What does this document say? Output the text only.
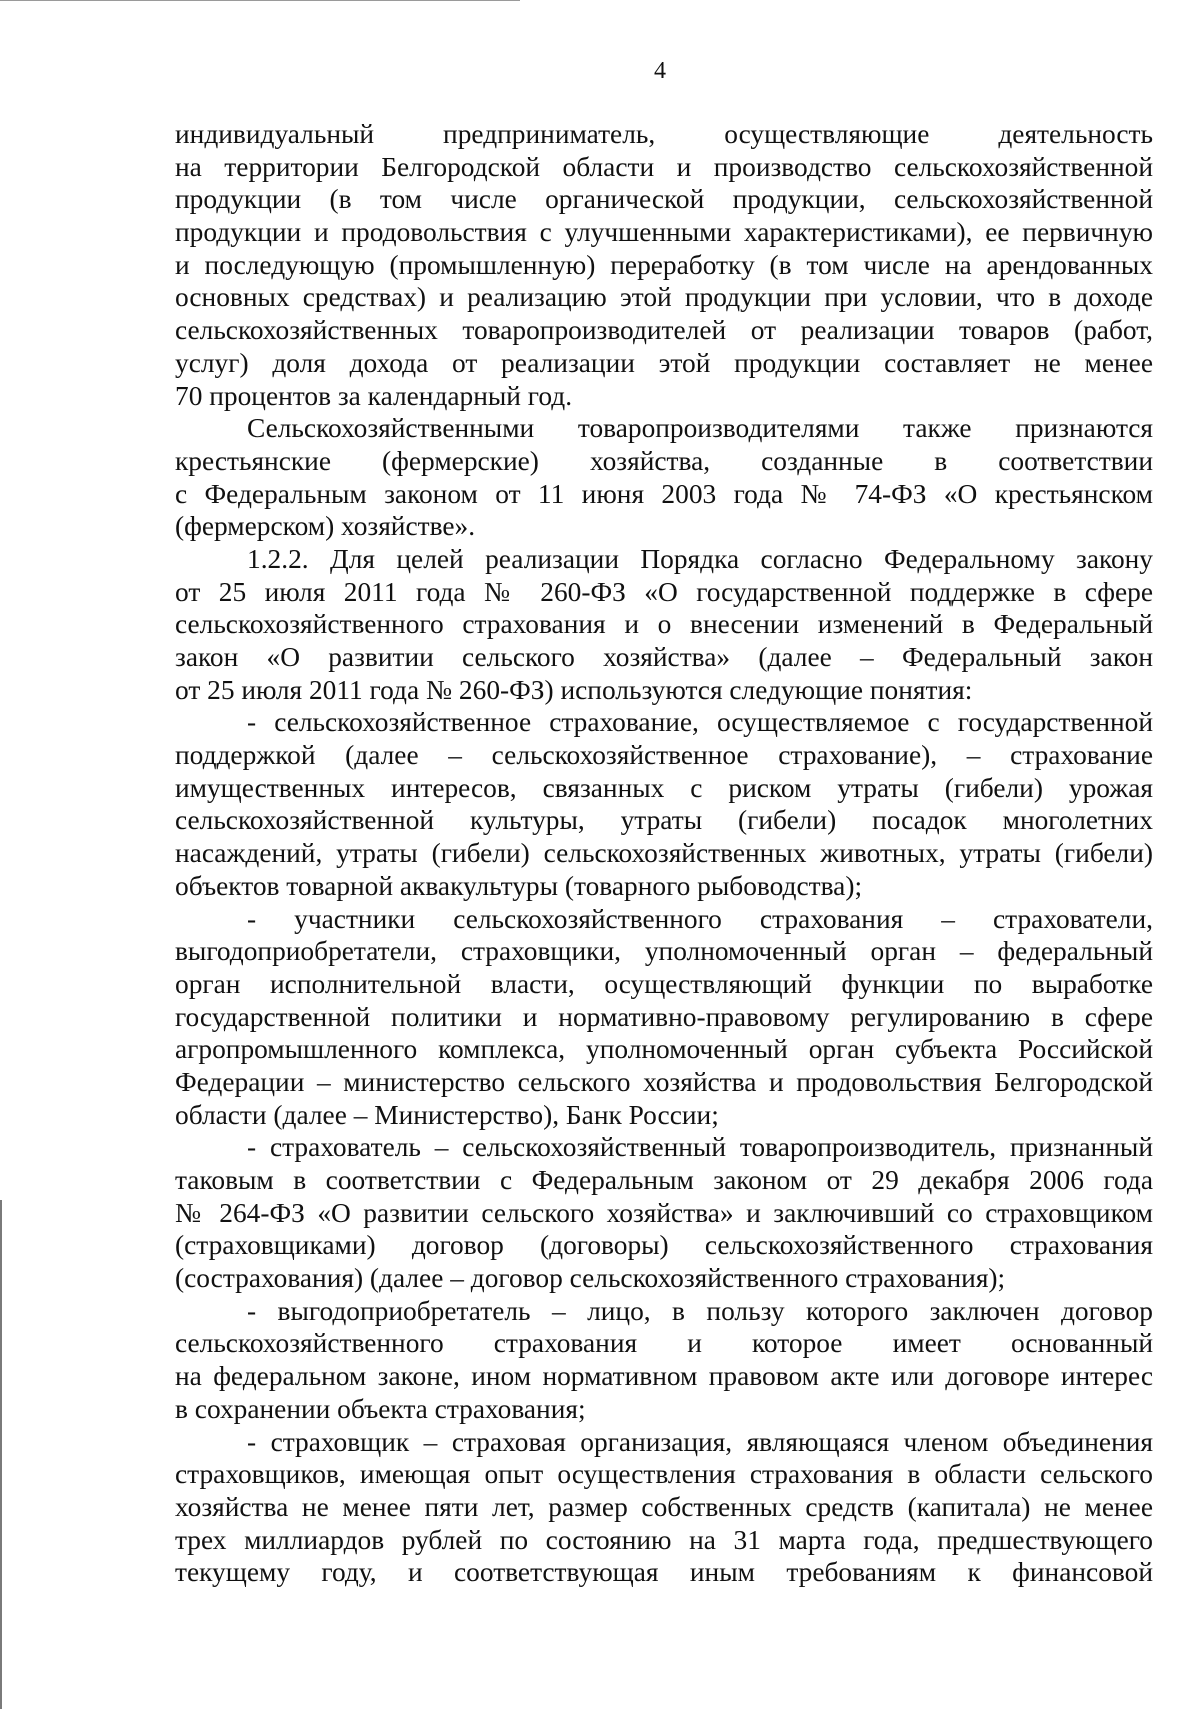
4
индивидуальный предприниматель, осуществляющие деятельность
на территории Белгородской области и производство сельскохозяйственной
продукции (в том числе органической продукции, сельскохозяйственной
продукции и продовольствия с улучшенными характеристиками), ее первичную
и последующую (промышленную) переработку (в том числе на арендованных
основных средствах) и реализацию этой продукции при условии, что в доходе
сельскохозяйственных товаропроизводителей от реализации товаров (работ,
услуг) доля дохода от реализации этой продукции составляет не менее
70 процентов за календарный год.
Сельскохозяйственными товаропроизводителями также признаются
крестьянские (фермерские) хозяйства, созданные в соответствии
с Федеральным законом от 11 июня 2003 года № 74-ФЗ «О крестьянском
(фермерском) хозяйстве».
1.2.2. Для целей реализации Порядка согласно Федеральному закону
от 25 июля 2011 года № 260-ФЗ «О государственной поддержке в сфере
сельскохозяйственного страхования и о внесении изменений в Федеральный
закон «О развитии сельского хозяйства» (далее – Федеральный закон
от 25 июля 2011 года № 260-ФЗ) используются следующие понятия:
- сельскохозяйственное страхование, осуществляемое с государственной
поддержкой (далее – сельскохозяйственное страхование), – страхование
имущественных интересов, связанных с риском утраты (гибели) урожая
сельскохозяйственной культуры, утраты (гибели) посадок многолетних
насаждений, утраты (гибели) сельскохозяйственных животных, утраты (гибели)
объектов товарной аквакультуры (товарного рыбоводства);
- участники сельскохозяйственного страхования – страхователи,
выгодоприобретатели, страховщики, уполномоченный орган – федеральный
орган исполнительной власти, осуществляющий функции по выработке
государственной политики и нормативно-правовому регулированию в сфере
агропромышленного комплекса, уполномоченный орган субъекта Российской
Федерации – министерство сельского хозяйства и продовольствия Белгородской
области (далее – Министерство), Банк России;
- страхователь – сельскохозяйственный товаропроизводитель, признанный
таковым в соответствии с Федеральным законом от 29 декабря 2006 года
№ 264-ФЗ «О развитии сельского хозяйства» и заключивший со страховщиком
(страховщиками) договор (договоры) сельскохозяйственного страхования
(сострахования) (далее – договор сельскохозяйственного страхования);
- выгодоприобретатель – лицо, в пользу которого заключен договор
сельскохозяйственного страхования и которое имеет основанный
на федеральном законе, ином нормативном правовом акте или договоре интерес
в сохранении объекта страхования;
- страховщик – страховая организация, являющаяся членом объединения
страховщиков, имеющая опыт осуществления страхования в области сельского
хозяйства не менее пяти лет, размер собственных средств (капитала) не менее
трех миллиардов рублей по состоянию на 31 марта года, предшествующего
текущему году, и соответствующая иным требованиям к финансовой
